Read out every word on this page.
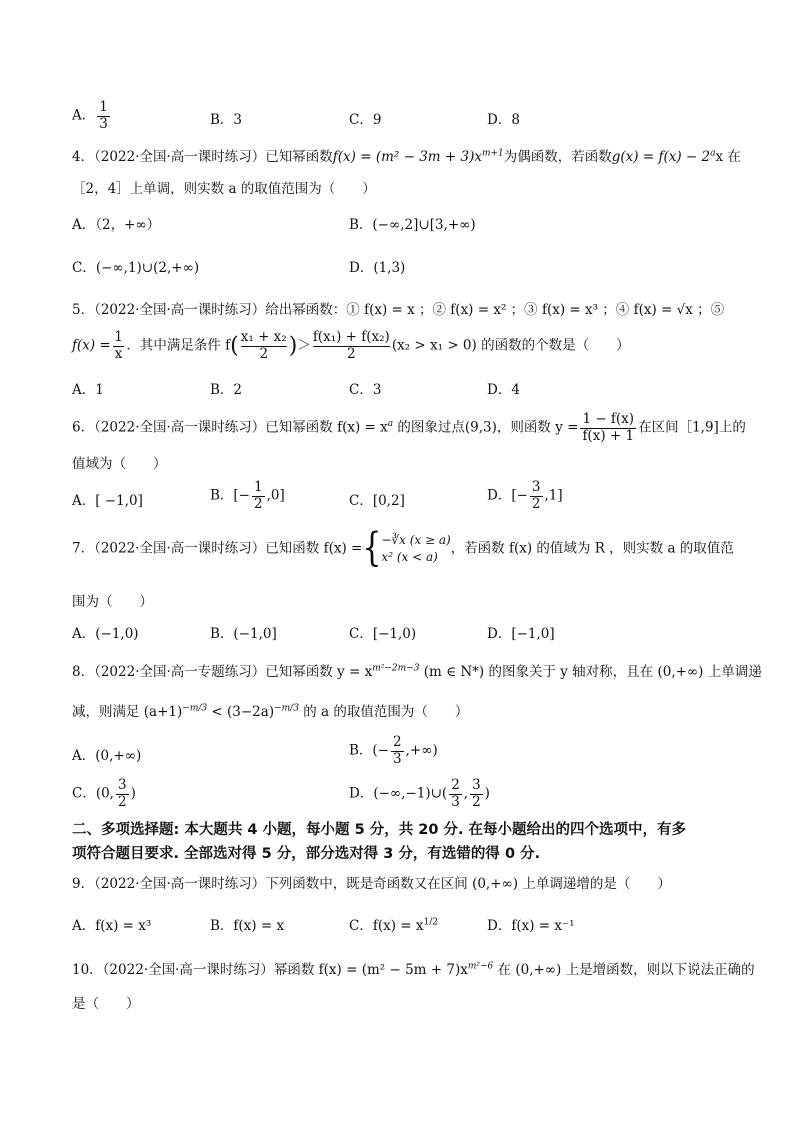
A． $\frac{1}{3}$	B．3	C．9	D．8
4．（2022·全国·高一课时练习）已知幂函数$f(x) = (m^2 - 3m + 3)x^{m+1}$为偶函数，若函数$g(x) = f(x) - 2^ax$ 在
［2，4］上单调，则实数 a 的取值范围为（　　）
A．（2，+∞）	B．(−∞,2]∪[3,+∞)
C．(−∞,1)∪(2,+∞)	D．(1,3)
5．（2022·全国·高一课时练习）给出幂函数：① f(x) = x ；② f(x) = x² ；③ f(x) = x³ ；④ f(x) = √x ；⑤
$f(x) = \frac{1}{x}$ ．其中满足条件 $f( \frac{\text{x₁ + x₂}}{2}$ )＞ $\frac{\text{f(x₁) + f(x₂)}}{2} (x_2 > x_1 > 0)$ 的函数的个数是（　　）
A．1	B．2	C．3	D．4
6．（2022·全国·高一课时练习）已知幂函数 $f(x) = x^a$ 的图象过点(9,3)，则函数 $y = \frac{1 - f(x)}{f(x) + 1}$ 在区间［1,9]上的
值域为（　　）
A．[ −1,0]	B．[− $\frac{1}{2} ,0$]	C．[0,2]	D．[− $\frac{3}{2} ,1$]
7．（2022·全国·高一课时练习）已知函数 f(x) ={ −∛x (x ≥ a)
x² (x < a)
，若函数 f(x) 的值域为 R ，则实数 a 的取值范
围为（　　）
A．(−1,0)	B．(−1,0]	C．[−1,0)	D．[−1,0]
8．（2022·全国·高一专题练习）已知幂函数 $y = x^{m^2-2m-3}$ (m ∈ N*) 的图象关于 y 轴对称，且在 (0,+∞) 上单调递
减，则满足 $(a+1)^{-m/3} < (3-2a)^{-m/3}$ 的 a 的取值范围为（　　）
A．(0,+∞)	B．(− $\frac{2}{3}$ ,+∞)
C．(0, $\frac{3}{2}$ )	D．(−∞,−1)∪( $\frac{2}{3}$ , $\frac{3}{2}$ )
二、多项选择题: 本大题共 4 小题，每小题 5 分，共 20 分. 在每小题给出的四个选项中，有多
项符合题目要求. 全部选对得 5 分，部分选对得 3 分，有选错的得 0 分.
9．（2022·全国·高一课时练习）下列函数中，既是奇函数又在区间 (0,+∞) 上单调递增的是（　　）
A．f(x) = x³	B．f(x) = x	C．$f(x) = x^{1/2}$	D．f(x) = x⁻¹
10．（2022·全国·高一课时练习）幂函数 $f(x) = (m^2 - 5m + 7)x^{m^2-6}$ 在 (0,+∞) 上是增函数，则以下说法正确的
是（　　）
